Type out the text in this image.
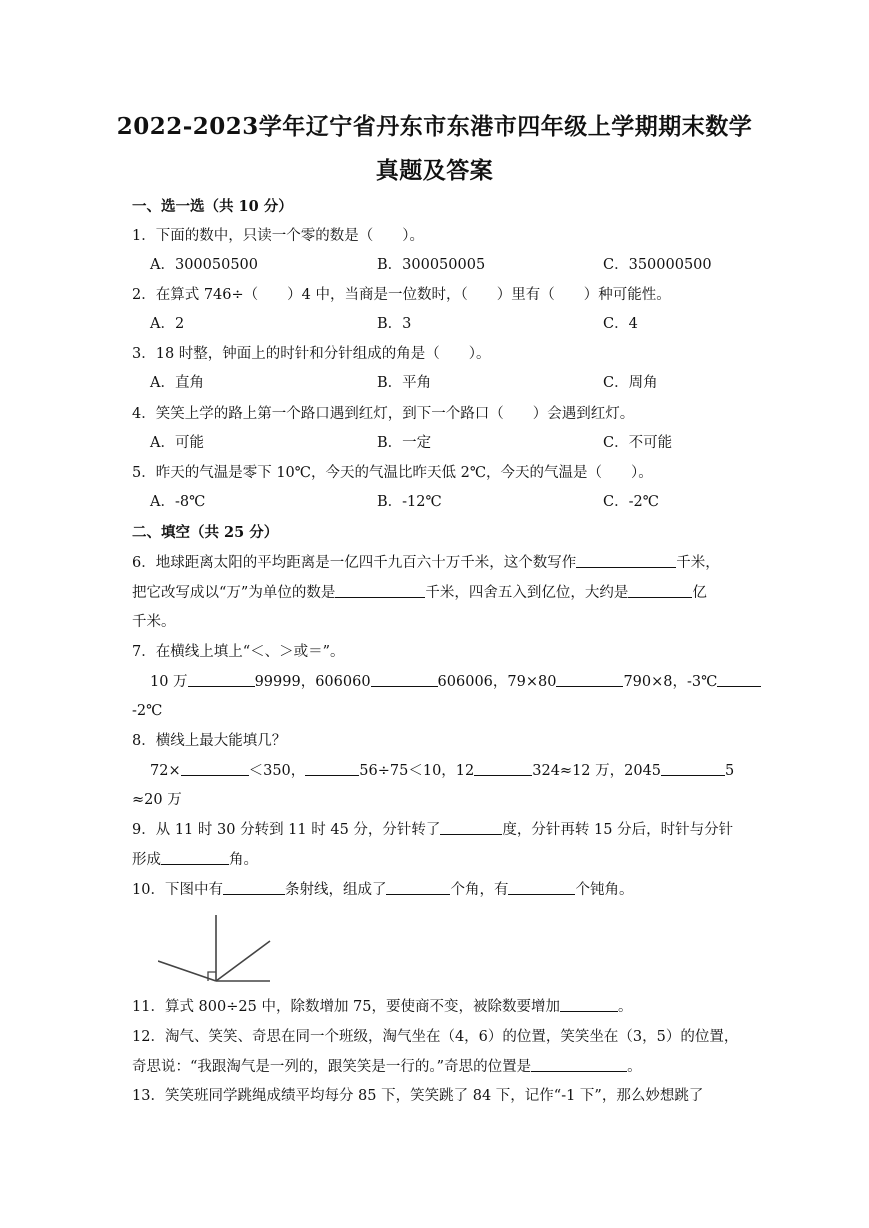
2022-2023学年辽宁省丹东市东港市四年级上学期期末数学
真题及答案
一、选一选（共 10 分）
1．下面的数中，只读一个零的数是（　　）。
A．300050500	B．300050005	C．350000500
2．在算式 746÷（　　）4 中，当商是一位数时，（　　）里有（　　）种可能性。
A．2	B．3	C．4
3．18 时整，钟面上的时针和分针组成的角是（　　）。
A．直角	B．平角	C．周角
4．笑笑上学的路上第一个路口遇到红灯，到下一个路口（　　）会遇到红灯。
A．可能	B．一定	C．不可能
5．昨天的气温是零下 10℃，今天的气温比昨天低 2℃，今天的气温是（　　）。
A．-8℃	B．-12℃	C．-2℃
二、填空（共 25 分）
6．地球距离太阳的平均距离是一亿四千九百六十万千米，这个数写作	千米，
把它改写成以“万”为单位的数是	千米，四舍五入到亿位，大约是	亿
千米。
7．在横线上填上“＜、＞或＝”。
10 万	99999，606060	606006，79×80	790×8，-3℃
-2℃
8．横线上最大能填几？
72×	＜350，	56÷75＜10，12	324≈12 万，2045	5
≈20 万
9．从 11 时 30 分转到 11 时 45 分，分针转了	度，分针再转 15 分后，时针与分针
形成	角。
10．下图中有	条射线，组成了	个角，有	个钝角。
11．算式 800÷25 中，除数增加 75，要使商不变，被除数要增加	。
12．淘气、笑笑、奇思在同一个班级，淘气坐在（4，6）的位置，笑笑坐在（3，5）的位置，
奇思说：“我跟淘气是一列的，跟笑笑是一行的。”奇思的位置是	。
13．笑笑班同学跳绳成绩平均每分 85 下，笑笑跳了 84 下，记作“-1 下”，那么妙想跳了
